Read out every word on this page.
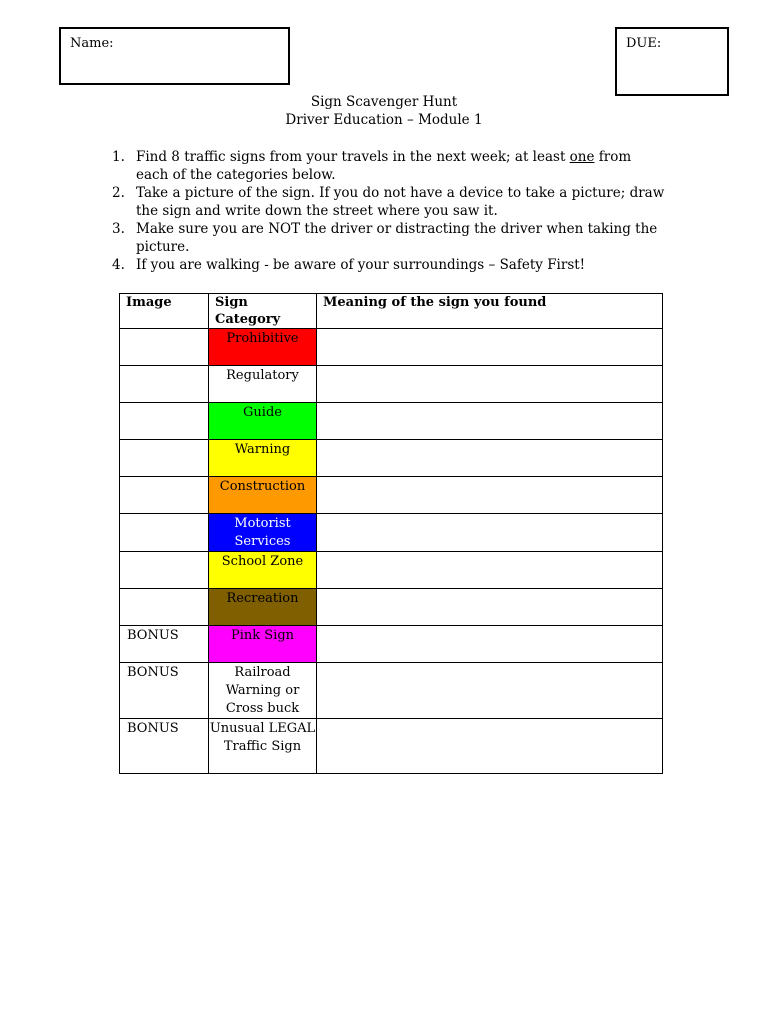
Name:	DUE:
Sign Scavenger Hunt
Driver Education – Module 1
1. Find 8 traffic signs from your travels in the next week; at least one from each of the categories below.
2. Take a picture of the sign. If you do not have a device to take a picture; draw the sign and write down the street where you saw it.
3. Make sure you are NOT the driver or distracting the driver when taking the picture.
4. If you are walking - be aware of your surroundings – Safety First!
Image	Sign Category	Meaning of the sign you found
	Prohibitive	
	Regulatory	
	Guide	
	Warning	
	Construction	
	Motorist Services	
	School Zone	
	Recreation	
BONUS	Pink Sign	
BONUS	Railroad Warning or Cross buck	
BONUS	Unusual LEGAL Traffic Sign	
